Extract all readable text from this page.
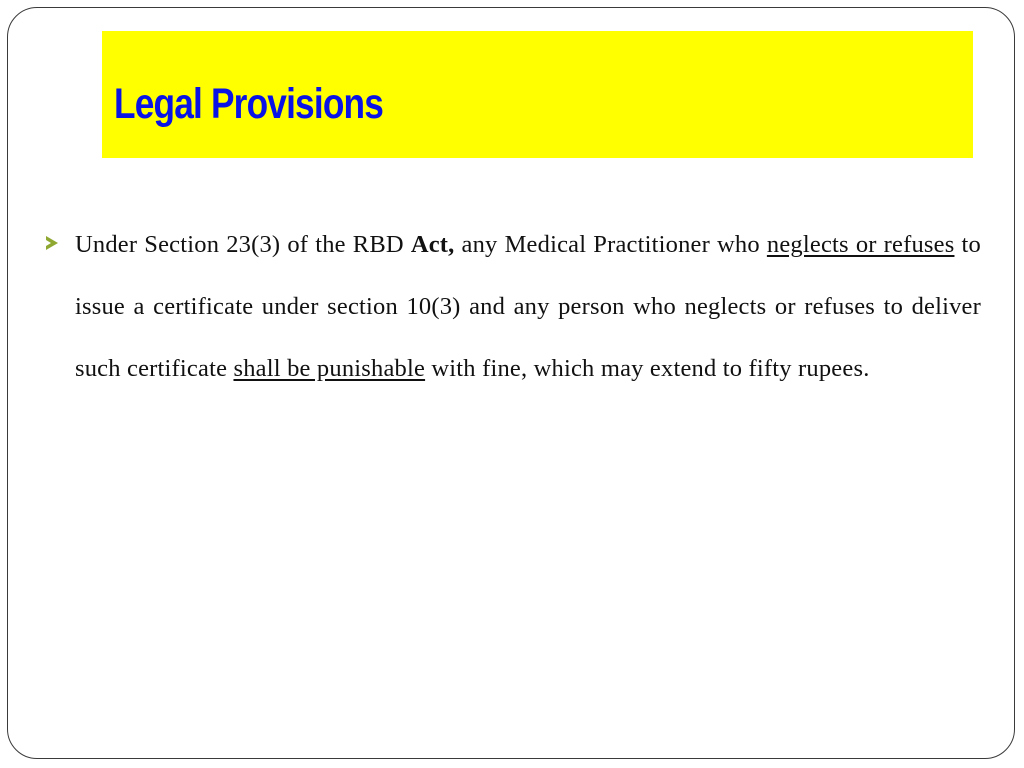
Legal Provisions
Under Section 23(3) of the RBD Act, any Medical Practitioner who neglects or refuses to issue a certificate under section 10(3) and any person who neglects or refuses to deliver such certificate shall be punishable with fine, which may extend to fifty rupees.
